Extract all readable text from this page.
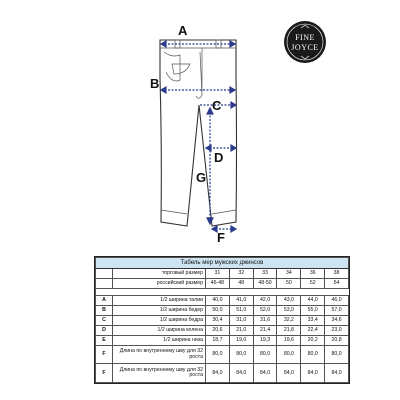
A
B
C
D
G
F
FINE
JOYCE
Табель мер мужских джинсов							
	торговый размер	31	32	33	34	36	38
	российский размер	46-48	48	48-50	50	52	54

A	1/2 ширина талии	40,0	41,0	42,0	43,0	44,0	46,0
B	1/2 ширина бедер	50,0	51,0	52,0	53,0	55,0	57,0
C	1/2 ширина бедра	30,4	31,0	31,6	32,2	33,4	34,6
D	1/2 ширина колена	20,6	21,0	21,4	21,8	22,4	23,0
E	1/2 ширина низа	18,7	19,0	19,3	19,6	20,2	20,8
F	Длина по внутреннему шву для 32 роста	80,0	80,0	80,0	80,0	80,0	80,0
F	Длина по внутреннему шву для 32 роста	84,0	84,0	84,0	84,0	84,0	84,0
